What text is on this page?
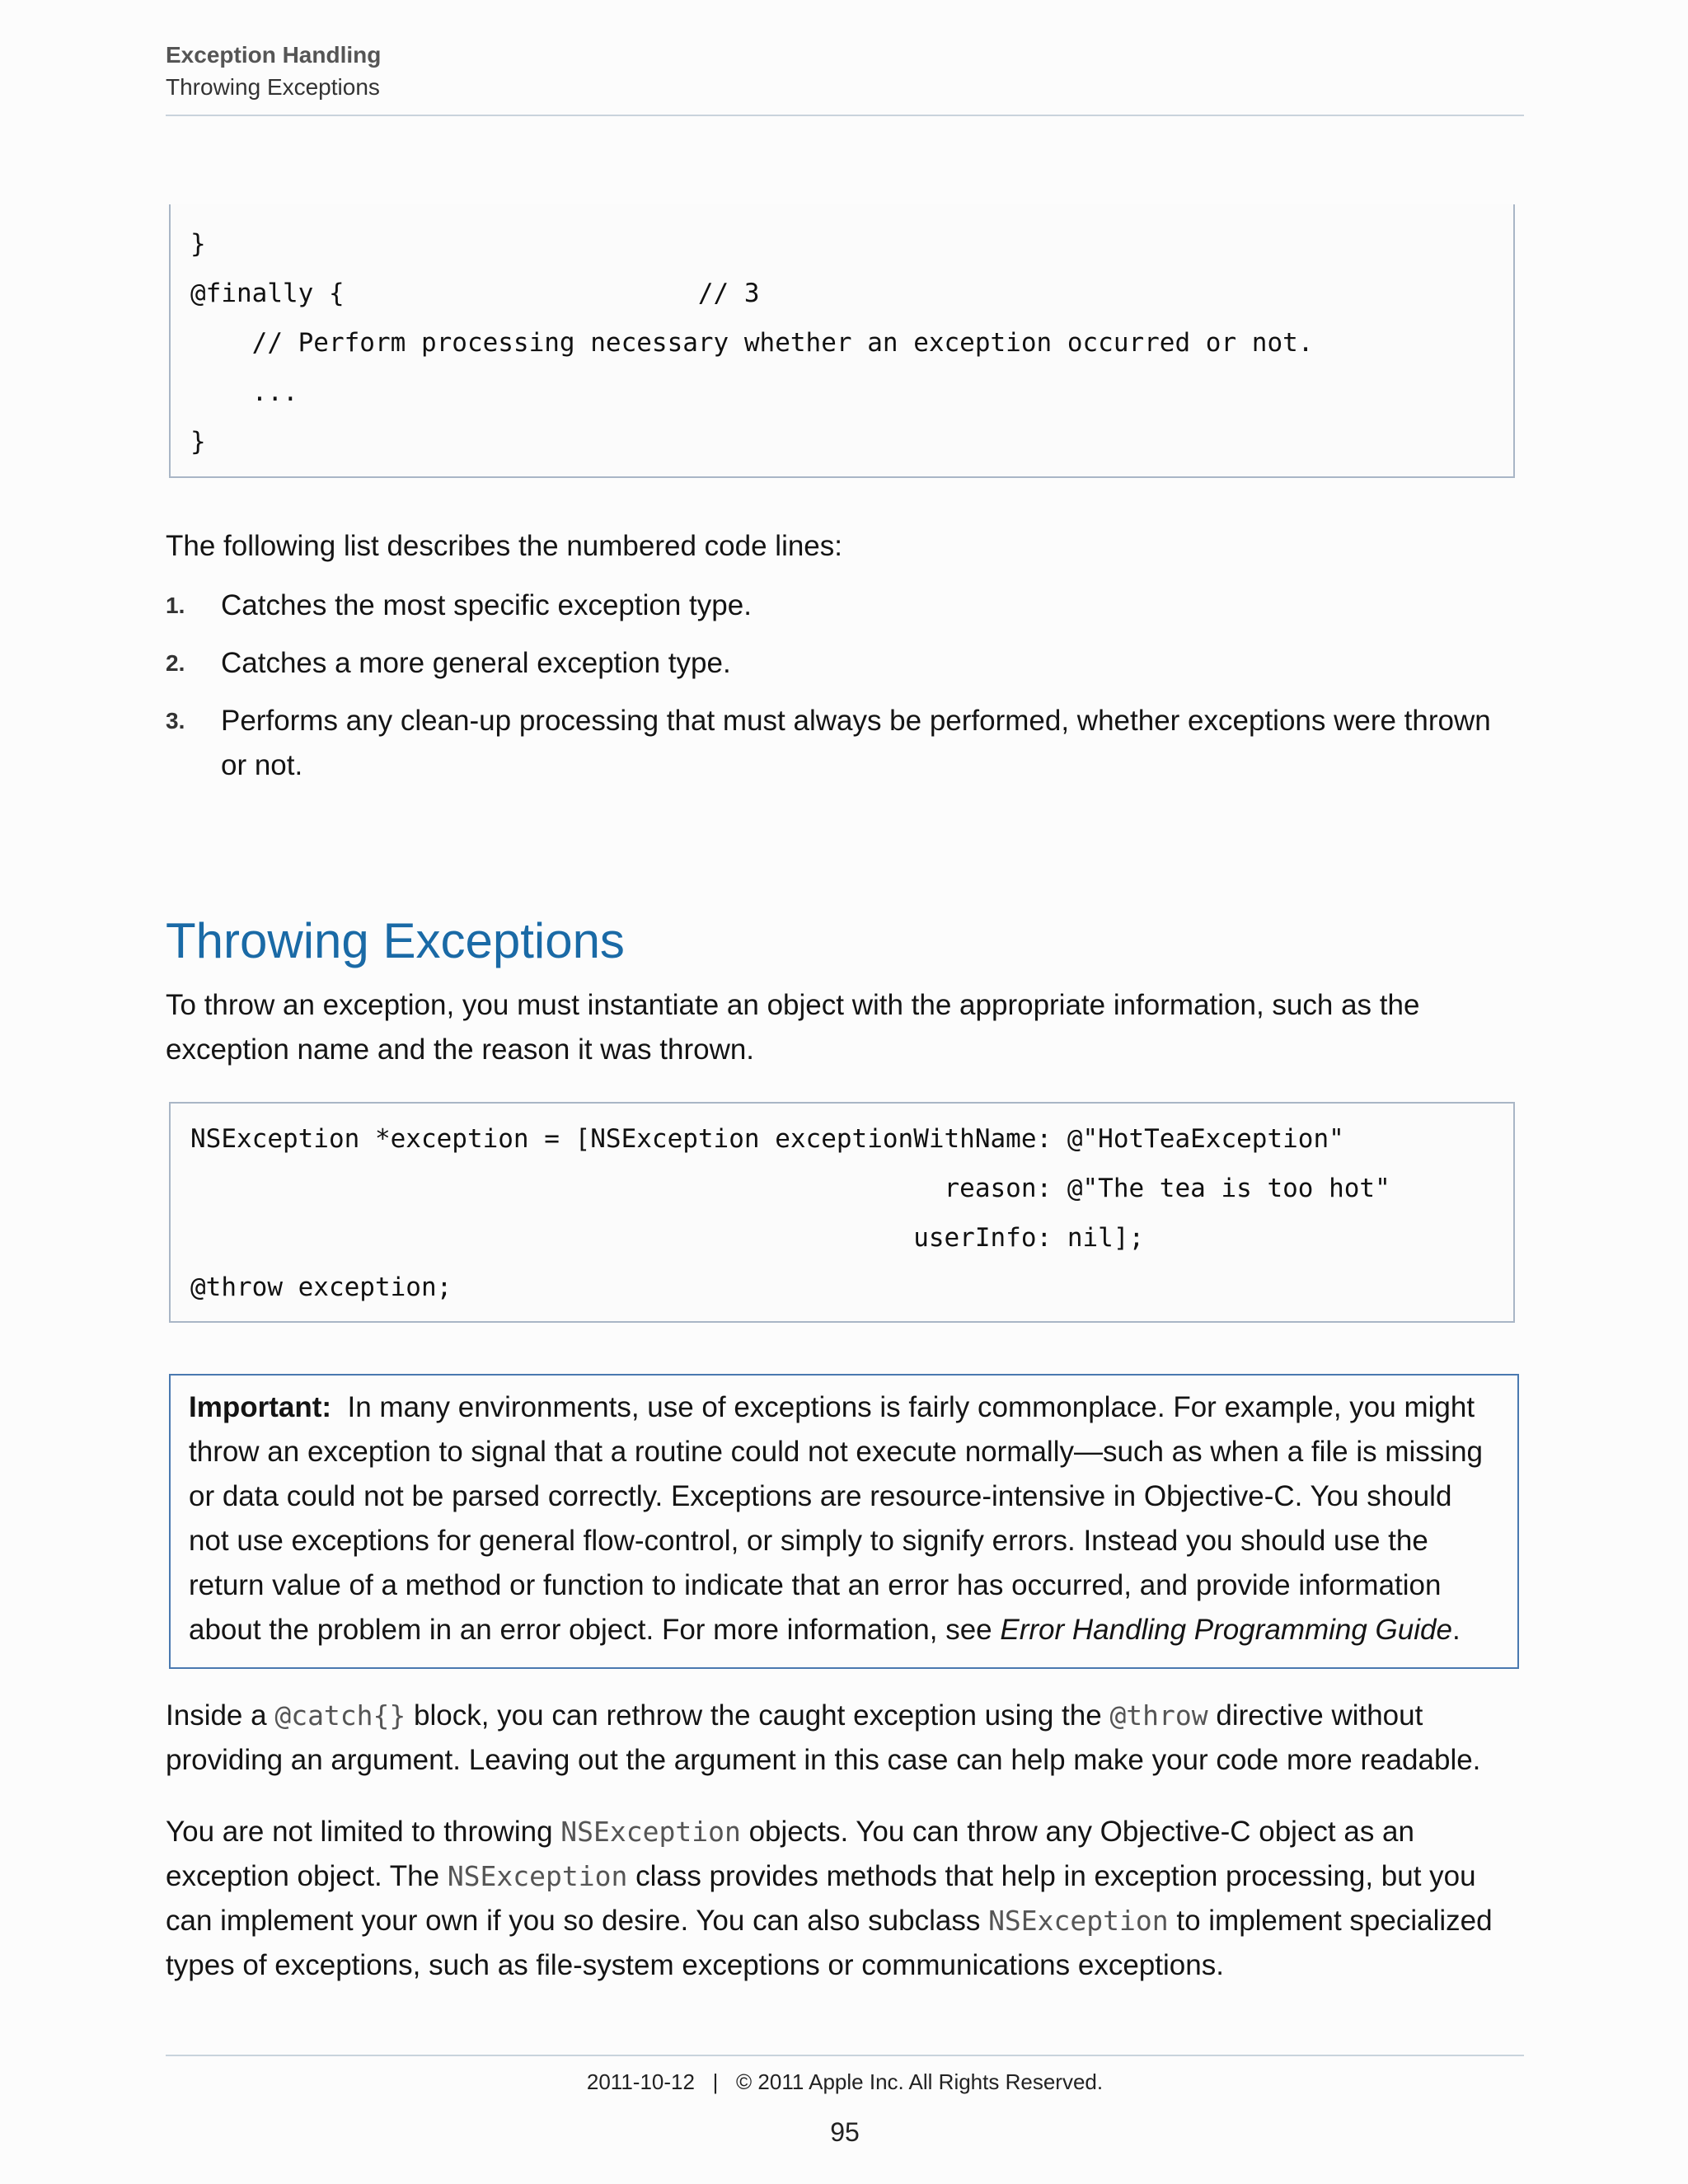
Exception Handling
Throwing Exceptions
}
@finally {                       // 3
// Perform processing necessary whether an exception occurred or not.
...
}
The following list describes the numbered code lines:
1. Catches the most specific exception type.
2. Catches a more general exception type.
3. Performs any clean-up processing that must always be performed, whether exceptions were thrown or not.
Throwing Exceptions
To throw an exception, you must instantiate an object with the appropriate information, such as the exception name and the reason it was thrown.
NSException *exception = [NSException exceptionWithName: @"HotTeaException"
reason: @"The tea is too hot"
userInfo: nil];
@throw exception;
Important: In many environments, use of exceptions is fairly commonplace. For example, you might throw an exception to signal that a routine could not execute normally—such as when a file is missing or data could not be parsed correctly. Exceptions are resource-intensive in Objective-C. You should not use exceptions for general flow-control, or simply to signify errors. Instead you should use the return value of a method or function to indicate that an error has occurred, and provide information about the problem in an error object. For more information, see Error Handling Programming Guide.
Inside a @catch{} block, you can rethrow the caught exception using the @throw directive without providing an argument. Leaving out the argument in this case can help make your code more readable.
You are not limited to throwing NSException objects. You can throw any Objective-C object as an exception object. The NSException class provides methods that help in exception processing, but you can implement your own if you so desire. You can also subclass NSException to implement specialized types of exceptions, such as file-system exceptions or communications exceptions.
2011-10-12   |   © 2011 Apple Inc. All Rights Reserved.
95
